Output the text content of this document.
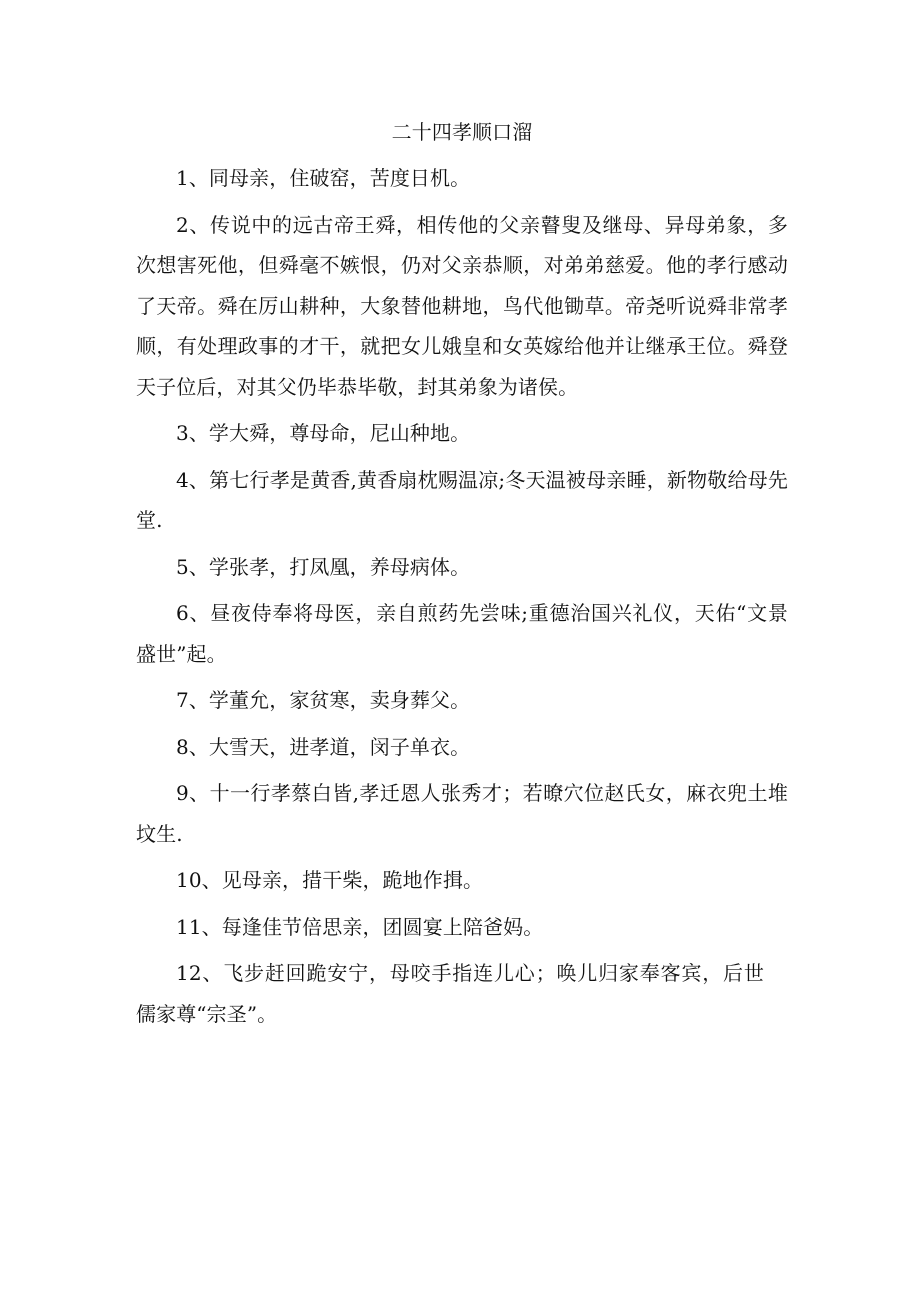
二十四孝顺口溜

1、同母亲，住破窑，苦度日机。

2、传说中的远古帝王舜，相传他的父亲瞽叟及继母、异母弟象，多次想害死他，但舜毫不嫉恨，仍对父亲恭顺，对弟弟慈爱。他的孝行感动了天帝。舜在厉山耕种，大象替他耕地，鸟代他锄草。帝尧听说舜非常孝顺，有处理政事的才干，就把女儿娥皇和女英嫁给他并让继承王位。舜登天子位后，对其父仍毕恭毕敬，封其弟象为诸侯。

3、学大舜，尊母命，尼山种地。

4、第七行孝是黄香,黄香扇枕赐温凉;冬天温被母亲睡，新物敬给母先堂.

5、学张孝，打凤凰，养母病体。

6、昼夜侍奉将母医，亲自煎药先尝味;重德治国兴礼仪，天佑“文景盛世”起。

7、学董允，家贫寒，卖身葬父。

8、大雪天，进孝道，闵子单衣。

9、十一行孝蔡白皆,孝迁恩人张秀才；若暸穴位赵氏女，麻衣兜土堆坟生.

10、见母亲，措干柴，跪地作揖。

11、每逢佳节倍思亲，团圆宴上陪爸妈。

12、飞步赶回跪安宁，母咬手指连儿心；唤儿归家奉客宾，后世儒家尊“宗圣”。
